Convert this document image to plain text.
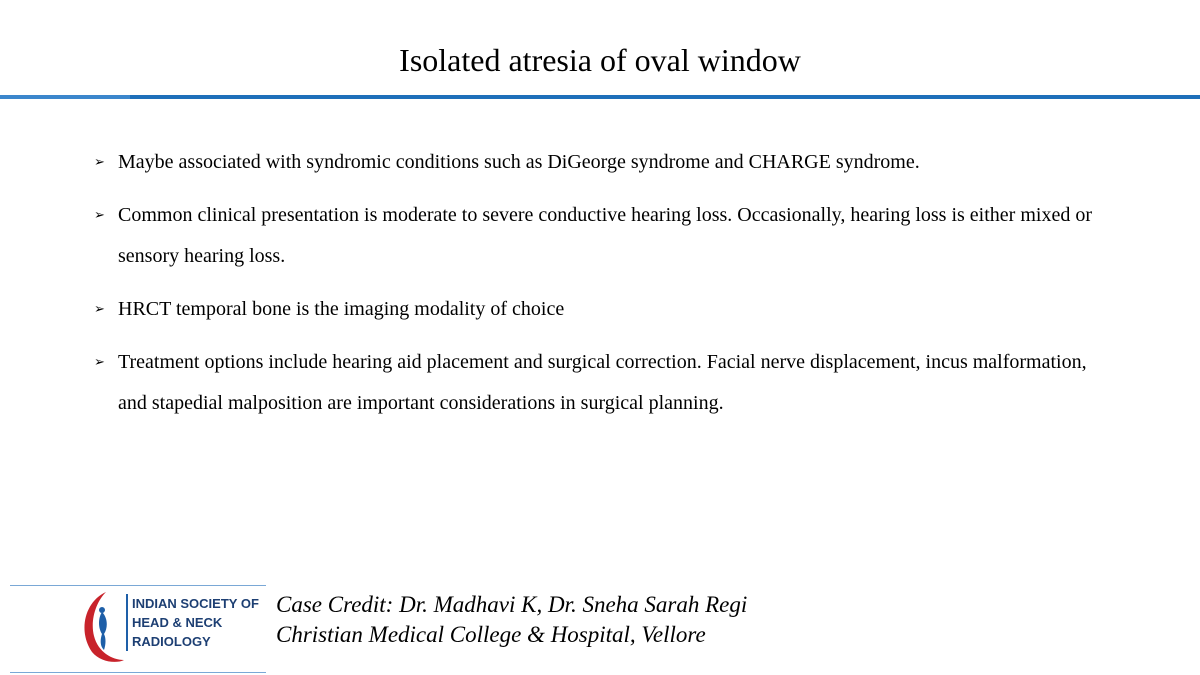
Isolated atresia of oval window
➢ Maybe associated with syndromic conditions such as DiGeorge syndrome and CHARGE syndrome.
➢ Common clinical presentation is moderate to severe conductive hearing loss. Occasionally, hearing loss is either mixed or sensory hearing loss.
➢ HRCT temporal bone is the imaging modality of choice
➢ Treatment options include hearing aid placement and surgical correction. Facial nerve displacement, incus malformation, and stapedial malposition are important considerations in surgical planning.
INDIAN SOCIETY OF
HEAD & NECK
RADIOLOGY
Case Credit: Dr. Madhavi K, Dr. Sneha Sarah Regi
Christian Medical College & Hospital, Vellore
